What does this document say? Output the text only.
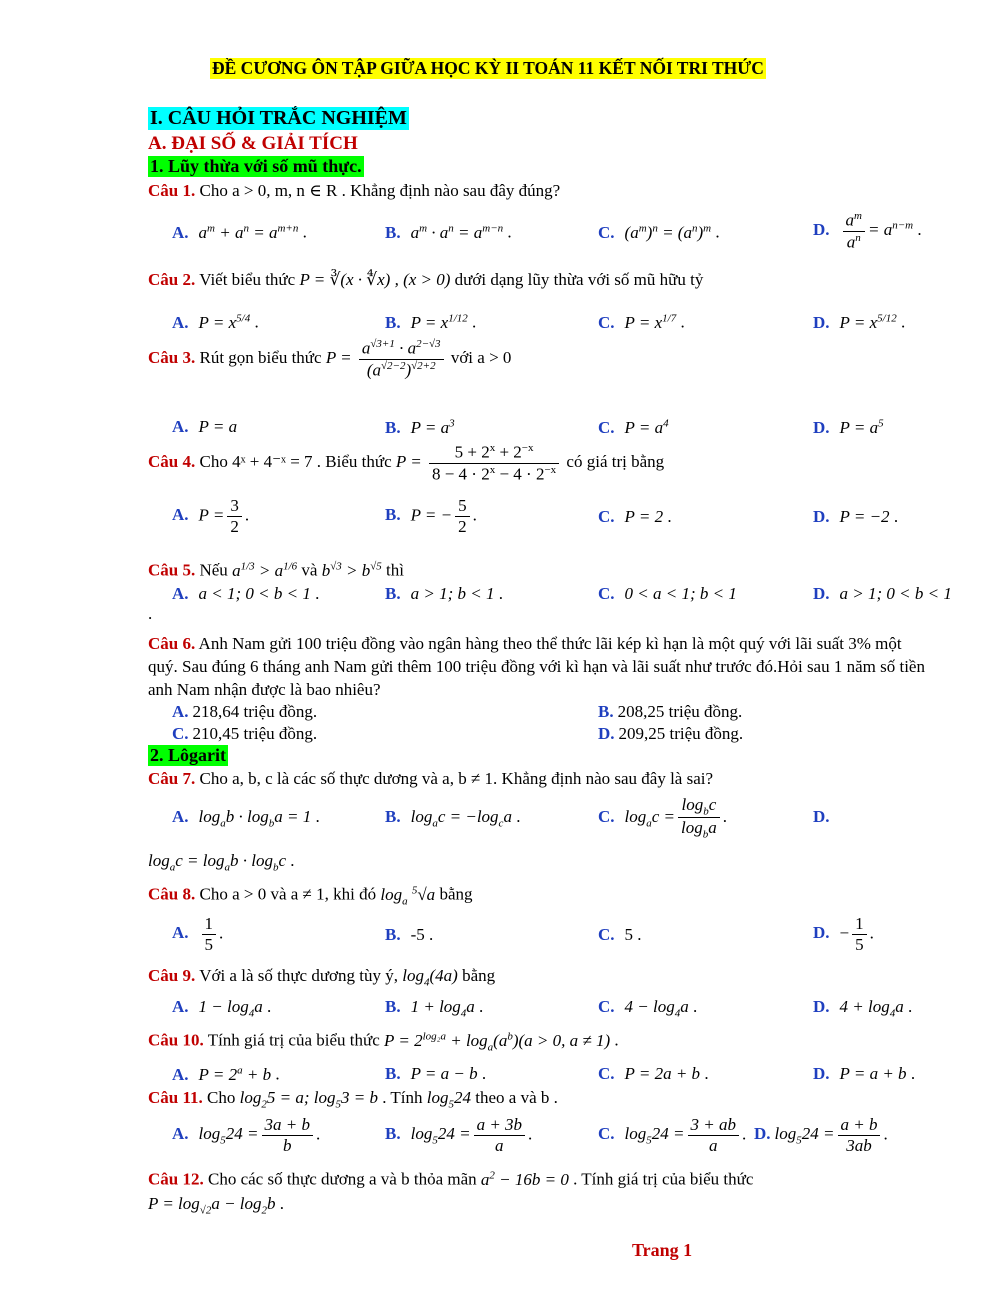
ĐỀ CƯƠNG ÔN TẬP GIỮA HỌC KỲ II TOÁN 11 KẾT NỐI TRI THỨC
I. CÂU HỎI TRẮC NGHIỆM
A. ĐẠI SỐ & GIẢI TÍCH
1. Lũy thừa với số mũ thực.
Câu 1. Cho a > 0, m, n ∈ R . Khẳng định nào sau đây đúng?
A. $a^m + a^n = a^{m+n}$ .	B. $a^m \cdot a^n = a^{m-n}$ .	C. $(a^m)^n = (a^n)^m$ .	D. $\frac{a^m}{a^n} = a^{n-m}$ .
Câu 2. Viết biểu thức P = ∛(x · ∜x) , (x > 0) dưới dạng lũy thừa với số mũ hữu tỷ
A. $P = x^{5/4}$ .	B. $P = x^{1/12}$ .	C. $P = x^{1/7}$ .	D. $P = x^{5/12}$ .
Câu 3. Rút gọn biểu thức $P = \frac{a^{√3+1} \cdot a^{2-√3}}{(a^{√2-2})^{√2+2}}$ với a > 0
A. P = a	B. $P = a^3$	C. $P = a^4$	D. $P = a^5$
Câu 4. Cho 4ˣ + 4⁻ˣ = 7 . Biểu thức $P = \frac{5 + 2^x + 2^{-x}}{8 - 4 \cdot 2^x - 4 \cdot 2^{-x}}$ có giá trị bằng
A. $P = \frac{3}{2}$ .	B. P = − $\frac{5}{2}$ .	C. P = 2 .	D. P = −2 .
Câu 5. Nếu $a^{1/3} > a^{1/6}$ và $b^{√3} > b^{√5}$ thì
A. a < 1; 0 < b < 1 .	B. a > 1; b < 1 .	C. 0 < a < 1; b < 1	D. a > 1; 0 < b < 1
.
Câu 6. Anh Nam gửi 100 triệu đồng vào ngân hàng theo thể thức lãi kép kì hạn là một quý với lãi suất 3% một quý. Sau đúng 6 tháng anh Nam gửi thêm 100 triệu đồng với kì hạn và lãi suất như trước đó.Hỏi sau 1 năm số tiền anh Nam nhận được là bao nhiêu?
A. 218,64 triệu đồng.	B. 208,25 triệu đồng.
C. 210,45 triệu đồng.	D. 209,25 triệu đồng.
2. Lôgarit
Câu 7. Cho a, b, c là các số thực dương và a, b ≠ 1. Khẳng định nào sau đây là sai?
A. $\log_ab \cdot \log_ba = 1$ .	B. $\log_ac = -\log_ca$ .	C. $\log_ac = \frac{\log_bc}{\log_ba}$ .	D.
$\log_ac = \log_ab \cdot \log_bc$ .
Câu 8. Cho a > 0 và a ≠ 1, khi đó $\log_a ^5√a$ bằng
A. $\frac{1}{5}$ .	B. -5 .	C. 5 .	D. − $\frac{1}{5}$ .
Câu 9. Với a là số thực dương tùy ý, $\log_4(4a)$ bằng
A. $1 - \log_4a$ .	B. $1 + \log_4a$ .	C. $4 - \log_4a$ .	D. $4 + \log_4a$ .
Câu 10. Tính giá trị của biểu thức $P = 2^{log_2a} + \log_a(a^b)(a > 0$, a ≠ 1) .
A. $P = 2^a + b$ .	B. P = a − b .	C. P = 2a + b .	D. P = a + b .
Câu 11. Cho $\log_25 = a$; $\log_53 = b$ . Tính $\log_524$ theo a và b .
A. $\log_524 = \frac{3a + b}{b}$ .	B. $\log_524 = \frac{a + 3b}{a}$ .	C. $\log_524 = \frac{3 + ab}{a}$ . D. $\log_524 = \frac{a + b}{3ab}$ .
Câu 12. Cho các số thực dương a và b thỏa mãn $a^2 - 16b = 0$ . Tính giá trị của biểu thức
$P = \log_{√2}a - \log_2b$ .
Trang 1
